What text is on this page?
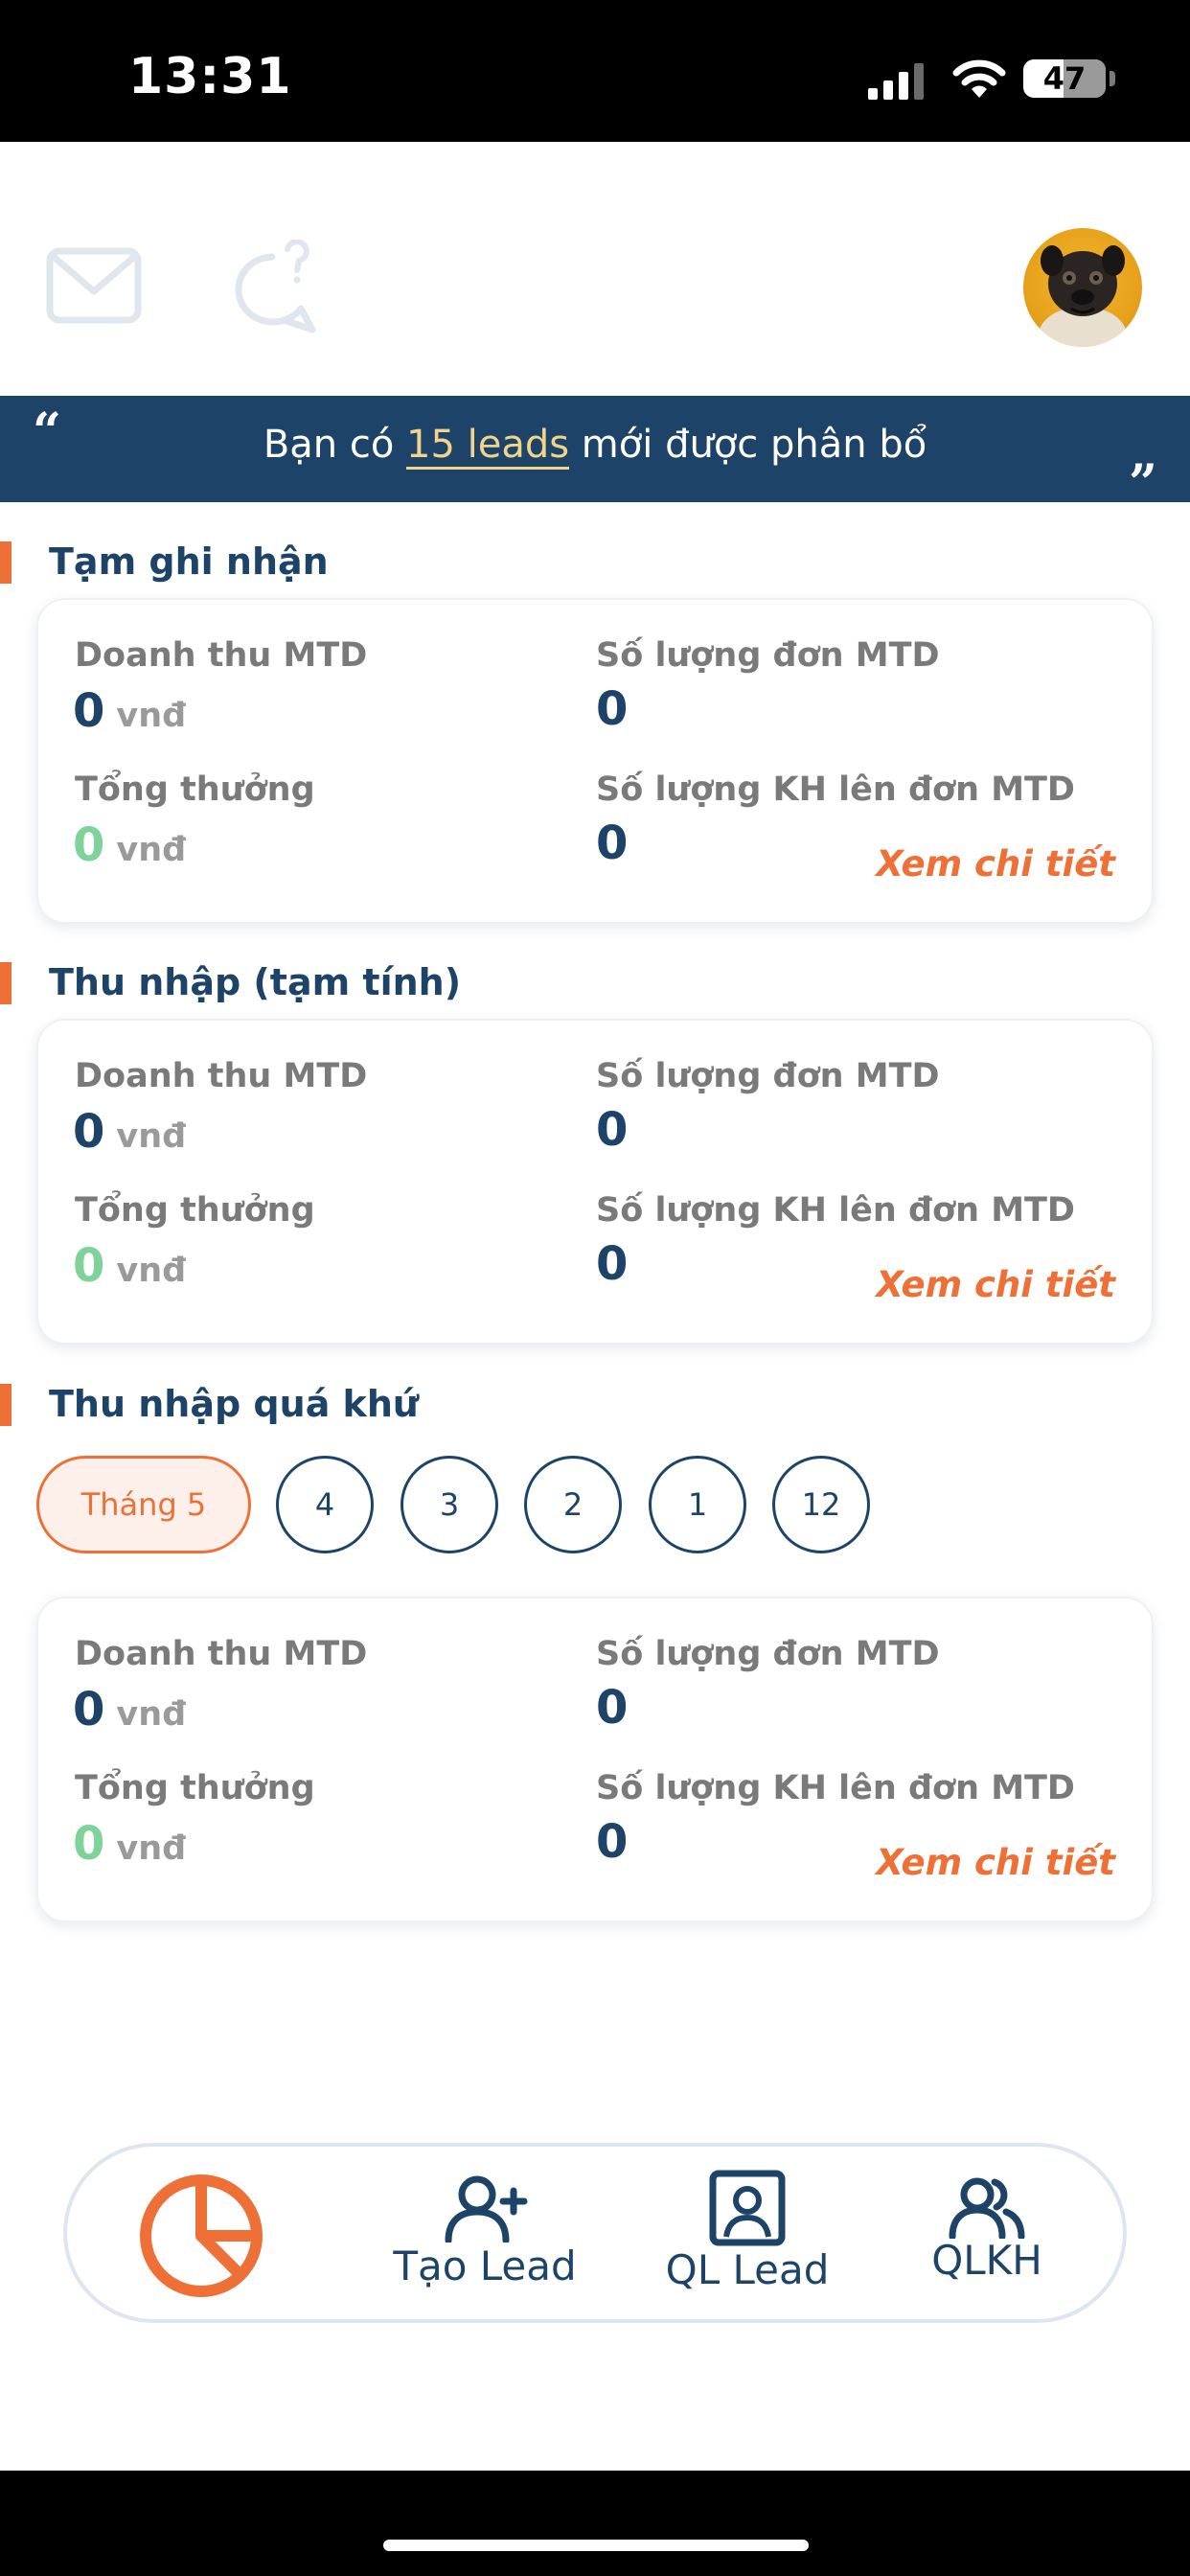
13:31	47
Bạn có 15 leads mới được phân bổ
“
”
Tạm ghi nhận
Doanh thu MTD
0 vnđ
Số lượng đơn MTD
0
Tổng thưởng
0 vnđ
Số lượng KH lên đơn MTD
0	Xem chi tiết
Thu nhập (tạm tính)
Doanh thu MTD
0 vnđ
Số lượng đơn MTD
0
Tổng thưởng
0 vnđ
Số lượng KH lên đơn MTD
0	Xem chi tiết
Thu nhập quá khứ
Tháng 5	4	3	2	1	12
Doanh thu MTD
0 vnđ
Số lượng đơn MTD
0
Tổng thưởng
0 vnđ
Số lượng KH lên đơn MTD
0	Xem chi tiết
Tạo Lead	QL Lead	QLKH
